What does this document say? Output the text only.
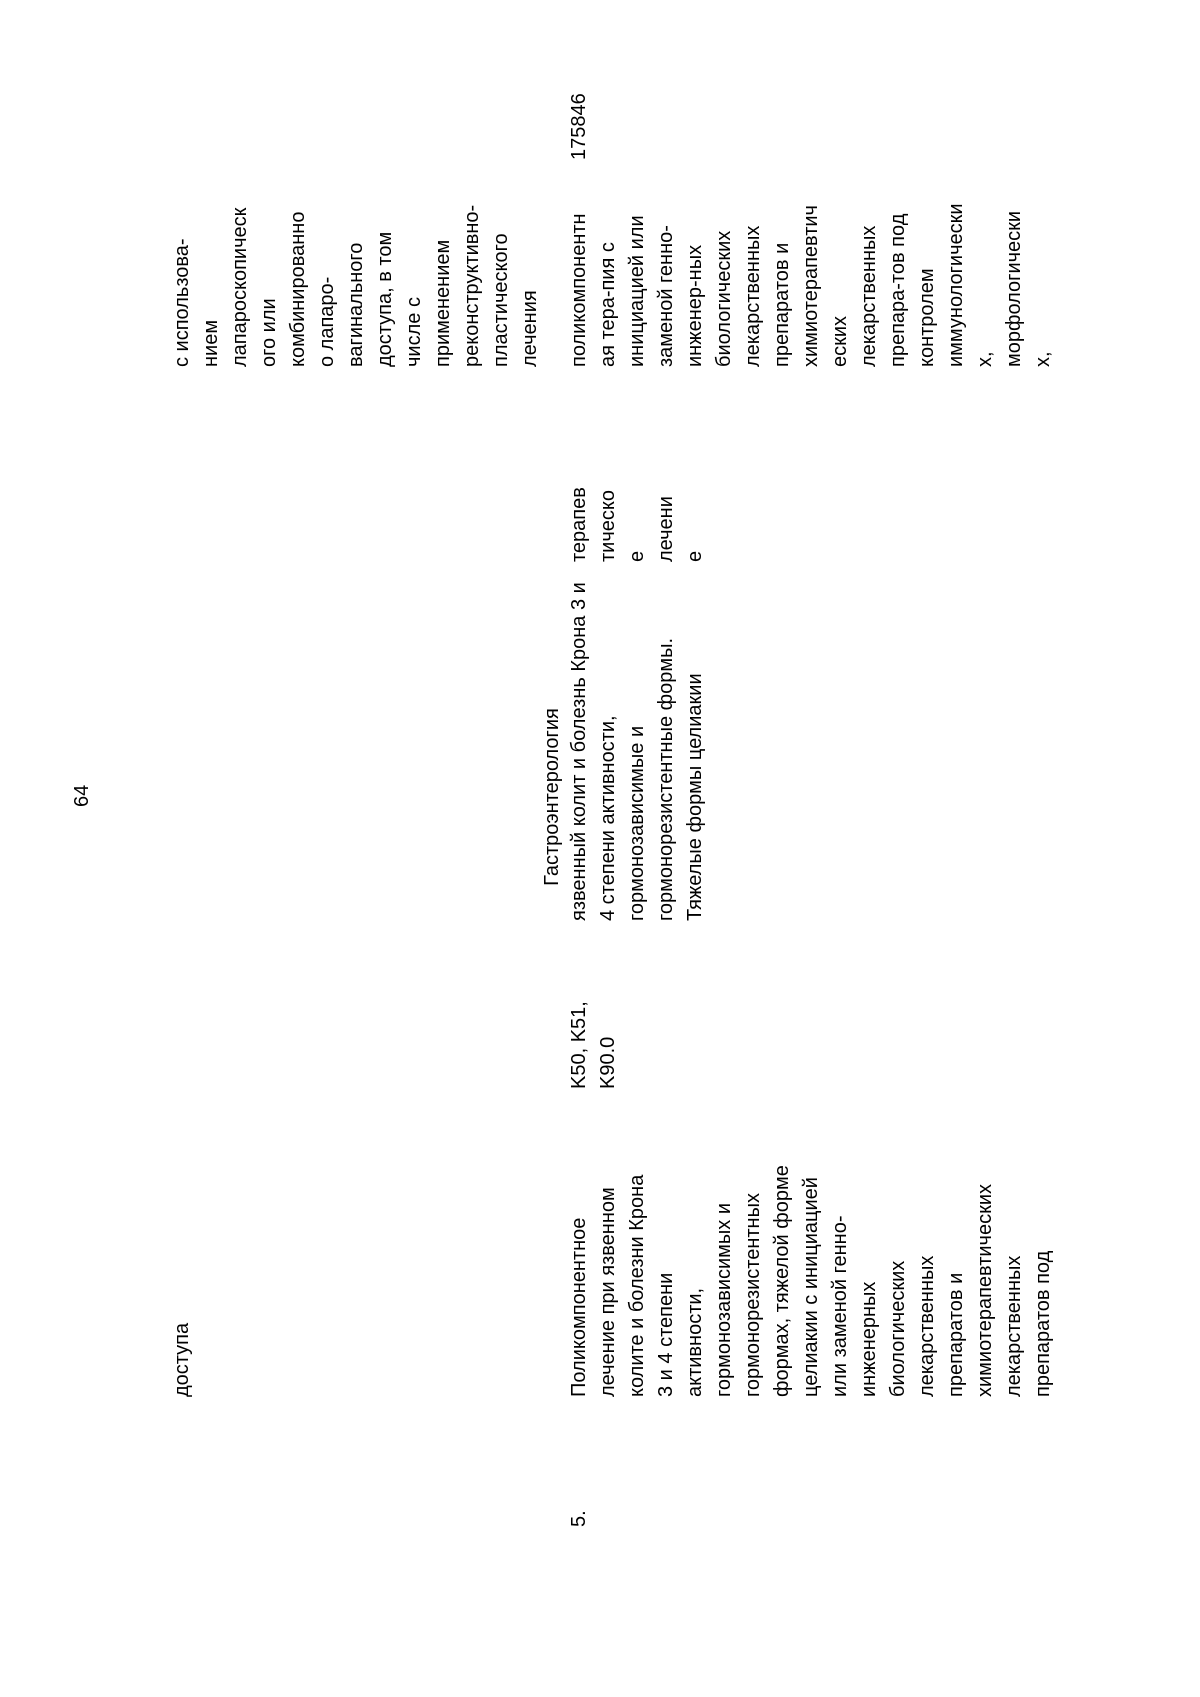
64
доступа
с использова-
нием
лапароскопическ
ого или
комбинированно
о лапаро-
вагинального
доступа, в том
числе с
применением
реконструктивно-
пластического
лечения
Гастроэнтерология
5.
Поликомпонентное
лечение при язвенном
колите и болезни Крона
3 и 4 степени
активности,
гормонозависимых и
гормонорезистентных
формах, тяжелой форме
целиакии с инициацией
или заменой генно-
инженерных
биологических
лекарственных
препаратов и
химиотерапевтических
лекарственных
препаратов под
K50, K51,
K90.0
язвенный колит и болезнь Крона 3 и
4 степени активности,
гормонозависимые и
гормонорезистентные формы.
Тяжелые формы целиакии
терапев
тическо
е
лечени
е
поликомпонентн
ая тера-пия с
инициацией или
заменой генно-
инженер-ных
биологических
лекарственных
препаратов и
химиотерапевтич
еских
лекарственных
препара-тов под
контролем
иммунологически
х,
морфологически
х,
175846
